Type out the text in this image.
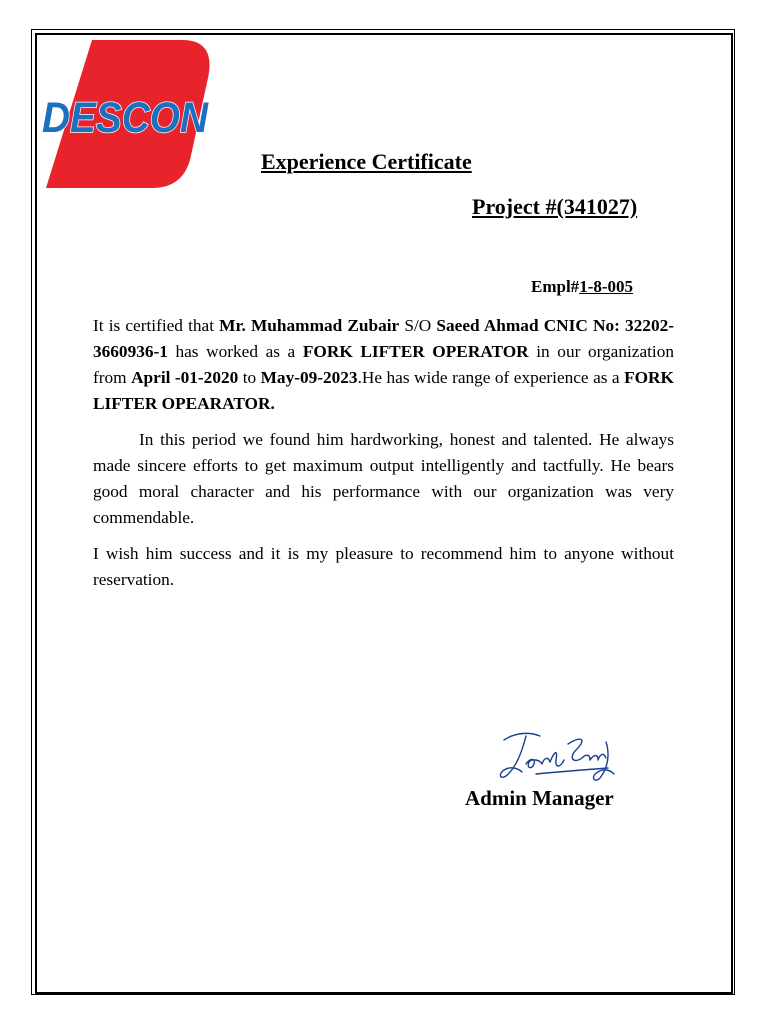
DESCON
Experience Certificate
Project #(341027)
Empl#1-8-005

It is certified that Mr. Muhammad Zubair S/O Saeed Ahmad CNIC No: 32202-3660936-1 has worked as a FORK LIFTER OPERATOR in our organization from April -01-2020 to May-09-2023.He has wide range of experience as a FORK LIFTER OPEARATOR.

In this period we found him hardworking, honest and talented. He always made sincere efforts to get maximum output intelligently and tactfully. He bears good moral character and his performance with our organization was very commendable.

I wish him success and it is my pleasure to recommend him to anyone without reservation.

Admin Manager
